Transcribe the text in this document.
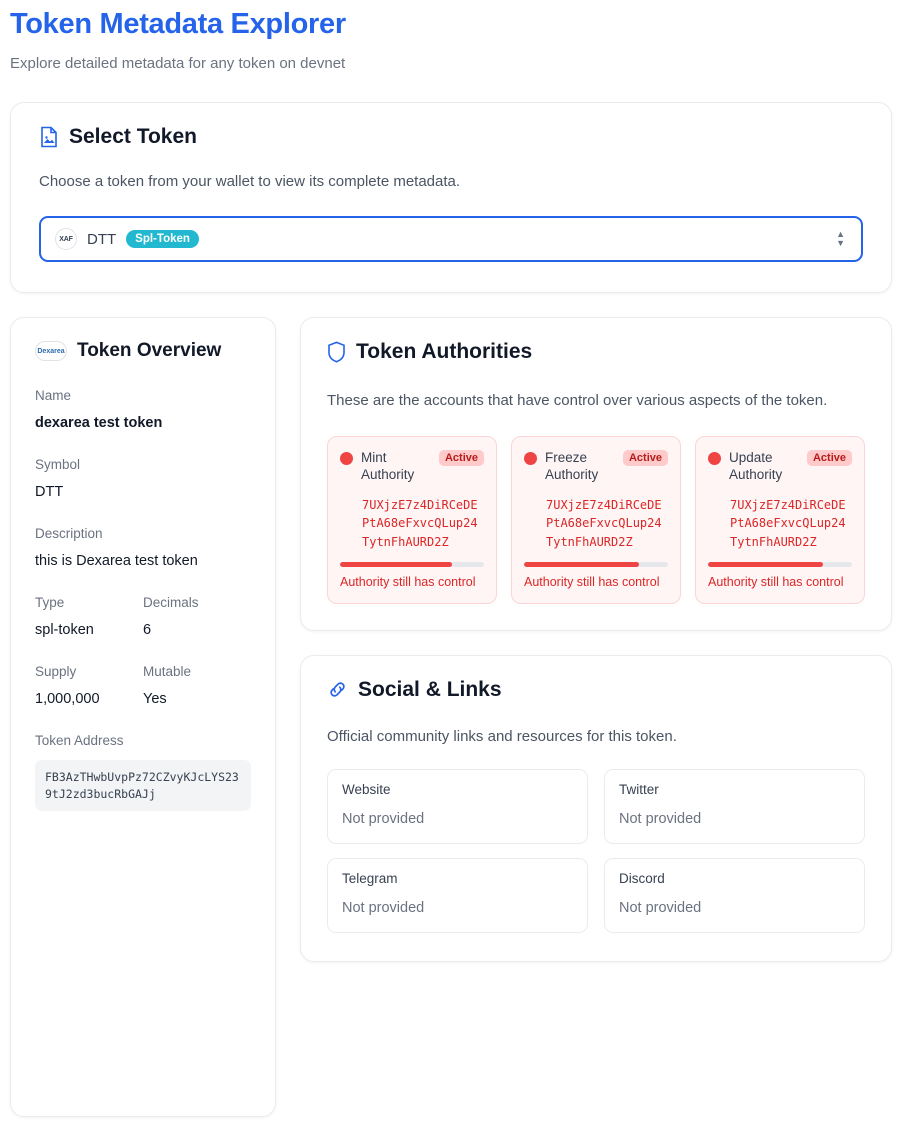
Token Metadata Explorer
Explore detailed metadata for any token on devnet
Select Token
Choose a token from your wallet to view its complete metadata.
XAF DTT	Spl-Token	▲
▼
Dexarea Token Overview
Name
dexarea test token
Symbol
DTT
Description
this is Dexarea test token
Type
spl-token
Decimals
6
Supply
1,000,000
Mutable
Yes
Token Address
FB3AzTHwbUvpPz72CZvyKJcLYS239tJ2zd3bucRbGAJj
Token Authorities
These are the accounts that have control over various aspects of the token.
Mint Authority
Active
7UXjzE7z4DiRCeDEPtA68eFxvcQLup24TytnFhAURD2Z
Authority still has control
Freeze Authority
Active
7UXjzE7z4DiRCeDEPtA68eFxvcQLup24TytnFhAURD2Z
Authority still has control
Update Authority
Active
7UXjzE7z4DiRCeDEPtA68eFxvcQLup24TytnFhAURD2Z
Authority still has control
Social & Links
Official community links and resources for this token.
Website
Not provided
Twitter
Not provided
Telegram
Not provided
Discord
Not provided
